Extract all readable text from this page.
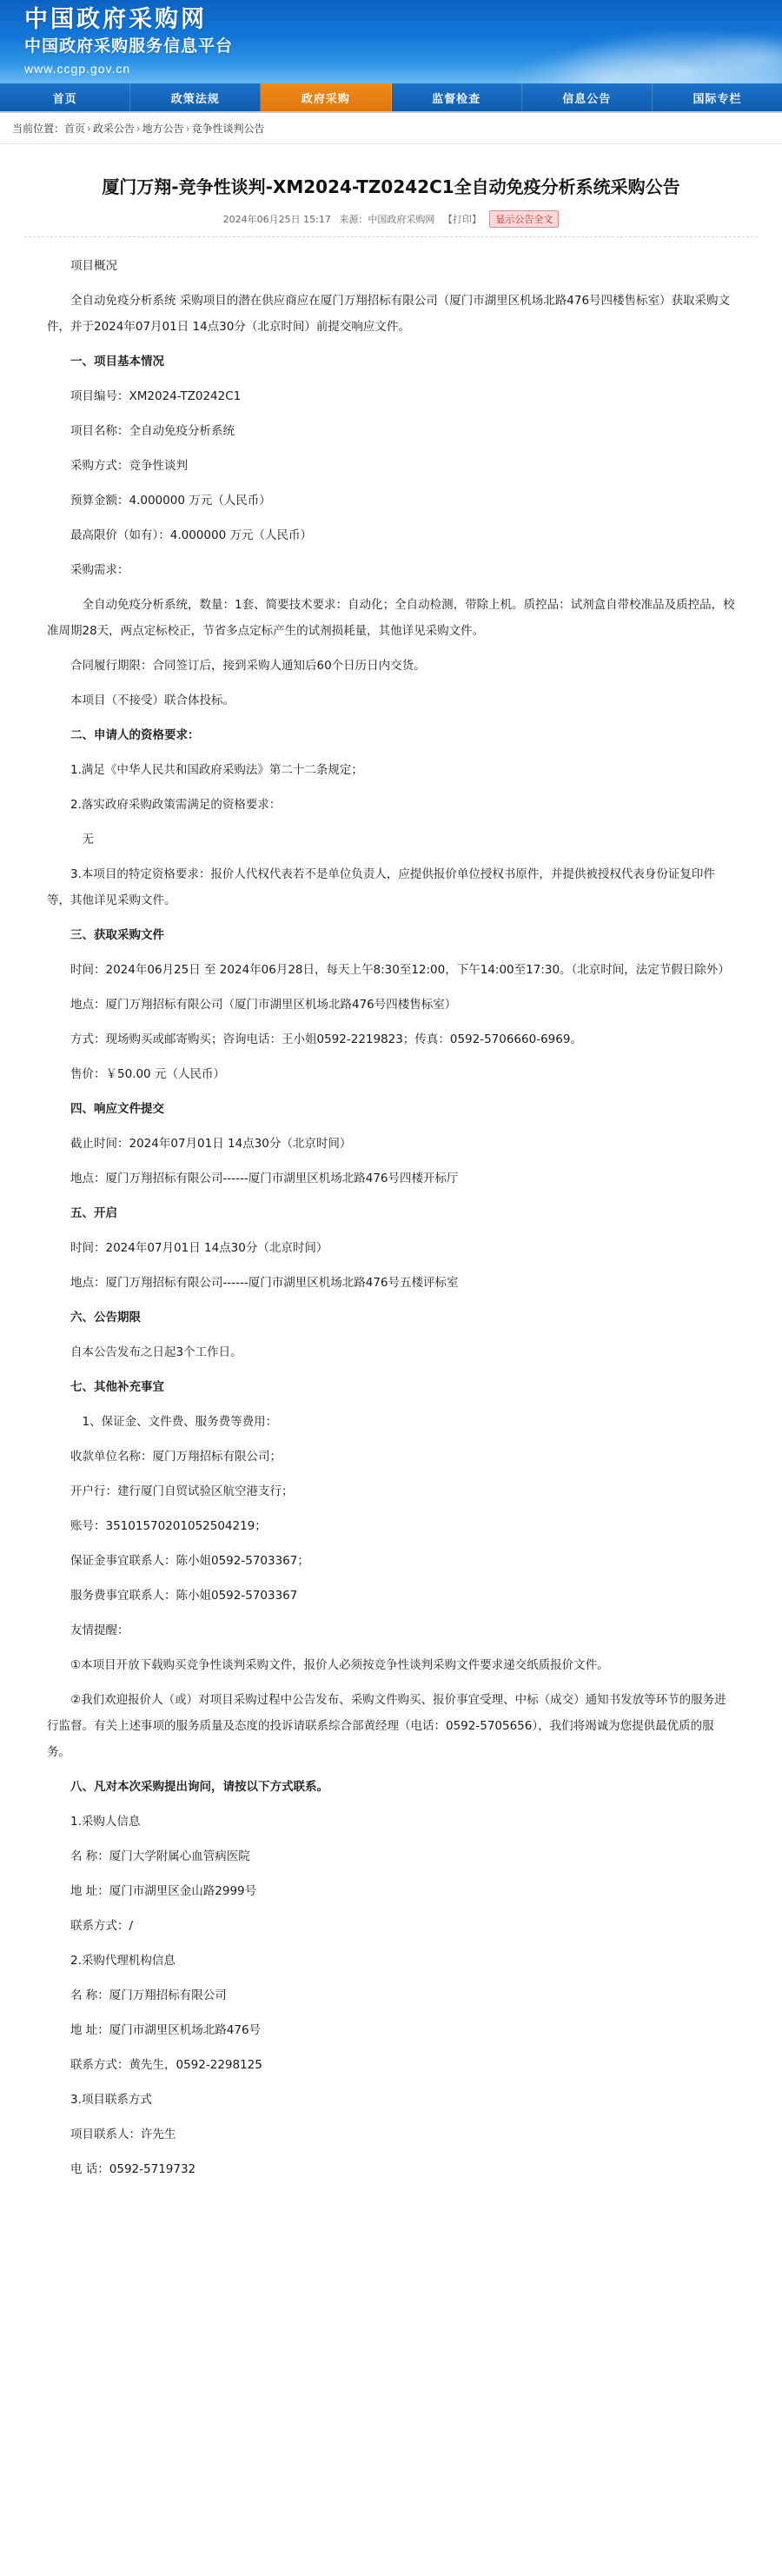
中国政府采购网
中国政府采购服务信息平台
www.ccgp.gov.cn
首页	政策法规	政府采购	监督检查	信息公告	国际专栏
当前位置：首页 › 政采公告 › 地方公告 › 竞争性谈判公告
厦门万翔-竞争性谈判-XM2024-TZ0242C1全自动免疫分析系统采购公告
2024年06月25日 15:17 来源：中国政府采购网 【打印】 显示公告全文

项目概况

全自动免疫分析系统 采购项目的潜在供应商应在厦门万翔招标有限公司（厦门市湖里区机场北路476号四楼售标室）获取采购文件，并于2024年07月01日 14点30分（北京时间）前提交响应文件。

一、项目基本情况

项目编号：XM2024-TZ0242C1

项目名称：全自动免疫分析系统

采购方式：竞争性谈判

预算金额：4.000000 万元（人民币）

最高限价（如有）：4.000000 万元（人民币）

采购需求：

全自动免疫分析系统，数量：1套、简要技术要求：自动化；全自动检测，带除上机。质控品：试剂盒自带校准品及质控品，校准周期28天，两点定标校正，节省多点定标产生的试剂损耗量，其他详见采购文件。

合同履行期限：合同签订后，接到采购人通知后60个日历日内交货。

本项目（不接受）联合体投标。

二、申请人的资格要求：

1.满足《中华人民共和国政府采购法》第二十二条规定；

2.落实政府采购政策需满足的资格要求：

无

3.本项目的特定资格要求：报价人代权代表若不是单位负责人，应提供报价单位授权书原件，并提供被授权代表身份证复印件等，其他详见采购文件。

三、获取采购文件

时间：2024年06月25日 至 2024年06月28日，每天上午8:30至12:00，下午14:00至17:30。（北京时间，法定节假日除外）

地点：厦门万翔招标有限公司（厦门市湖里区机场北路476号四楼售标室）

方式：现场购买或邮寄购买；咨询电话：王小姐0592-2219823；传真：0592-5706660-6969。

售价：￥50.00 元（人民币）

四、响应文件提交

截止时间：2024年07月01日 14点30分（北京时间）

地点：厦门万翔招标有限公司------厦门市湖里区机场北路476号四楼开标厅

五、开启

时间：2024年07月01日 14点30分（北京时间）

地点：厦门万翔招标有限公司------厦门市湖里区机场北路476号五楼评标室

六、公告期限

自本公告发布之日起3个工作日。

七、其他补充事宜

1、保证金、文件费、服务费等费用：

收款单位名称：厦门万翔招标有限公司；

开户行：建行厦门自贸试验区航空港支行；

账号：35101570201052504219；

保证金事宜联系人：陈小姐0592-5703367；

服务费事宜联系人：陈小姐0592-5703367

友情提醒：

①本项目开放下载购买竞争性谈判采购文件，报价人必须按竞争性谈判采购文件要求递交纸质报价文件。

②我们欢迎报价人（或）对项目采购过程中公告发布、采购文件购买、报价事宜受理、中标（成交）通知书发放等环节的服务进行监督。有关上述事项的服务质量及态度的投诉请联系综合部黄经理（电话：0592-5705656），我们将竭诚为您提供最优质的服务。

八、凡对本次采购提出询问，请按以下方式联系。

1.采购人信息

名 称：厦门大学附属心血管病医院

地 址：厦门市湖里区金山路2999号

联系方式：/

2.采购代理机构信息

名 称：厦门万翔招标有限公司

地 址：厦门市湖里区机场北路476号

联系方式：黄先生，0592-2298125

3.项目联系方式

项目联系人：许先生

电 话：0592-5719732
